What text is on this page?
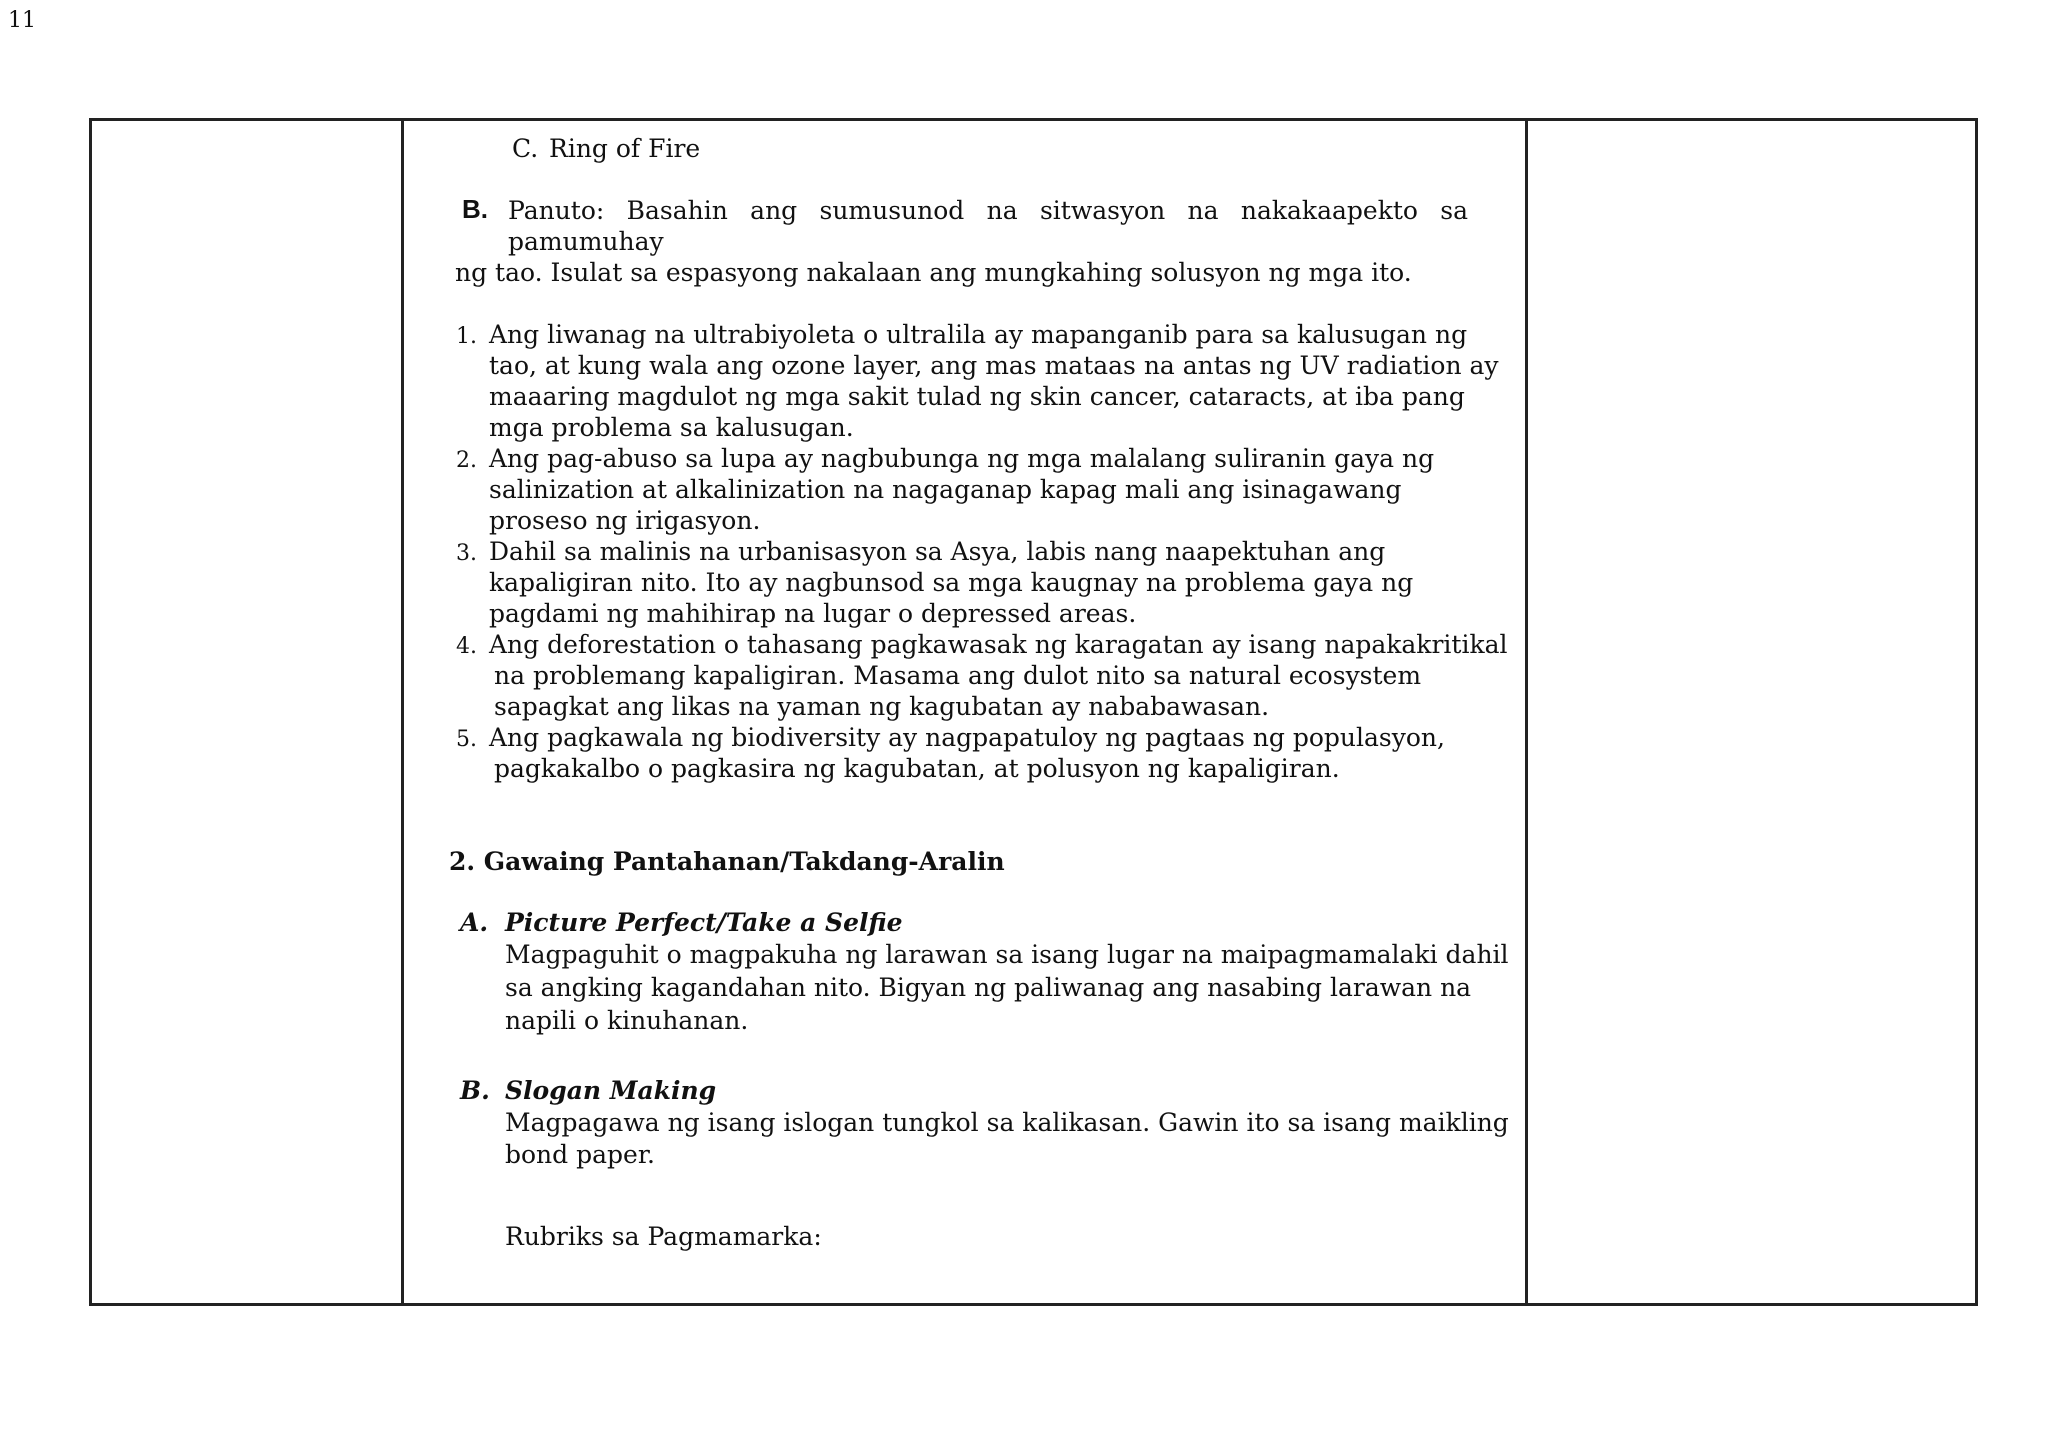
11
C. Ring of Fire
B. Panuto: Basahin ang sumusunod na sitwasyon na nakakaapekto sa
pamumuhay
ng tao. Isulat sa espasyong nakalaan ang mungkahing solusyon ng mga ito.
1. Ang liwanag na ultrabiyoleta o ultralila ay mapanganib para sa kalusugan ng
tao, at kung wala ang ozone layer, ang mas mataas na antas ng UV radiation ay
maaaring magdulot ng mga sakit tulad ng skin cancer, cataracts, at iba pang
mga problema sa kalusugan.
2. Ang pag-abuso sa lupa ay nagbubunga ng mga malalang suliranin gaya ng
salinization at alkalinization na nagaganap kapag mali ang isinagawang
proseso ng irigasyon.
3. Dahil sa malinis na urbanisasyon sa Asya, labis nang naapektuhan ang
kapaligiran nito. Ito ay nagbunsod sa mga kaugnay na problema gaya ng
pagdami ng mahihirap na lugar o depressed areas.
4. Ang deforestation o tahasang pagkawasak ng karagatan ay isang napakakritikal
na problemang kapaligiran. Masama ang dulot nito sa natural ecosystem
sapagkat ang likas na yaman ng kagubatan ay nababawasan.
5. Ang pagkawala ng biodiversity ay nagpapatuloy ng pagtaas ng populasyon,
pagkakalbo o pagkasira ng kagubatan, at polusyon ng kapaligiran.
2. Gawaing Pantahanan/Takdang-Aralin
A. Picture Perfect/Take a Selfie
Magpaguhit o magpakuha ng larawan sa isang lugar na maipagmamalaki dahil
sa angking kagandahan nito. Bigyan ng paliwanag ang nasabing larawan na
napili o kinuhanan.
B. Slogan Making
Magpagawa ng isang islogan tungkol sa kalikasan. Gawin ito sa isang maikling
bond paper.
Rubriks sa Pagmamarka:
